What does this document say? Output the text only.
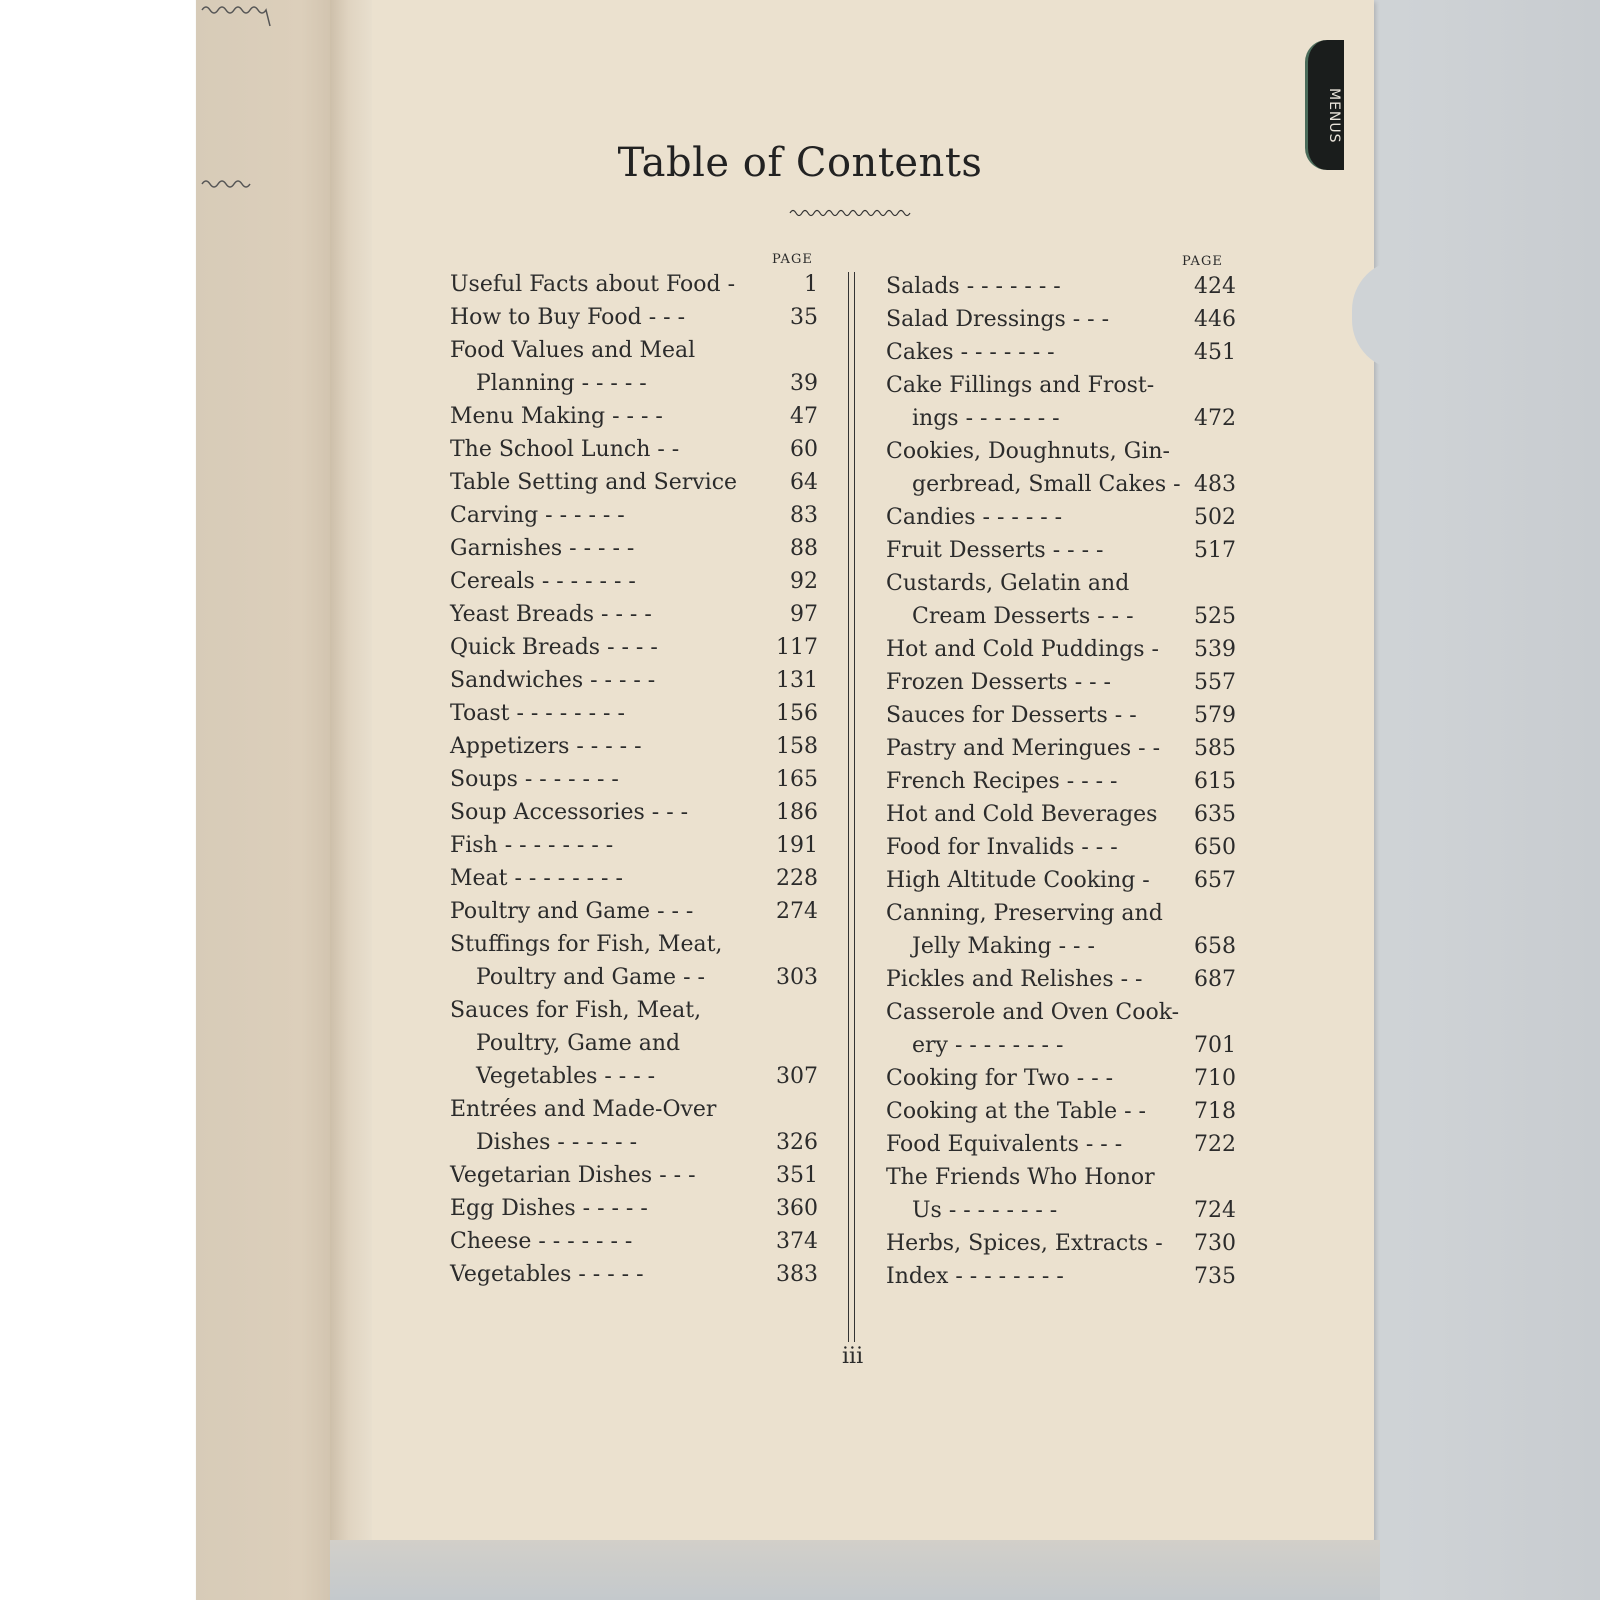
MENUS
Table of Contents
PAGE	PAGE
Useful Facts about Food -	1
How to Buy Food - - -	35
Food Values and Meal
Planning - - - - -	39
Menu Making - - - -	47
The School Lunch - -	60
Table Setting and Service 64
Carving - - - - - -	83
Garnishes - - - - -	88
Cereals - - - - - - -	92
Yeast Breads - - - -	97
Quick Breads - - - -	117
Sandwiches - - - - -	131
Toast - - - - - - - -	156
Appetizers - - - - -	158
Soups - - - - - - -	165
Soup Accessories - - -	186
Fish - - - - - - - -	191
Meat - - - - - - - -	228
Poultry and Game - - -	274
Stuffings for Fish, Meat,
Poultry and Game - -	303
Sauces for Fish, Meat,
Poultry, Game and
Vegetables - - - -	307
Entrées and Made-Over
Dishes - - - - - -	326
Vegetarian Dishes - - -	351
Egg Dishes - - - - -	360
Cheese - - - - - - -	374
Vegetables - - - - -	383
Salads - - - - - - -	424
Salad Dressings - - -	446
Cakes - - - - - - -	451
Cake Fillings and Frost-
ings - - - - - - -	472
Cookies, Doughnuts, Gin-
gerbread, Small Cakes - 483
Candies - - - - - -	502
Fruit Desserts - - - -	517
Custards, Gelatin and
Cream Desserts - - -	525
Hot and Cold Puddings - 539
Frozen Desserts - - -	557
Sauces for Desserts - -	579
Pastry and Meringues - - 585
French Recipes - - - -	615
Hot and Cold Beverages 635
Food for Invalids - - -	650
High Altitude Cooking - 657
Canning, Preserving and
Jelly Making - - -	658
Pickles and Relishes - - 687
Casserole and Oven Cook-
ery - - - - - - - -	701
Cooking for Two - - -	710
Cooking at the Table - - 718
Food Equivalents - - -	722
The Friends Who Honor
Us - - - - - - - -	724
Herbs, Spices, Extracts - 730
Index - - - - - - - -	735
iii
